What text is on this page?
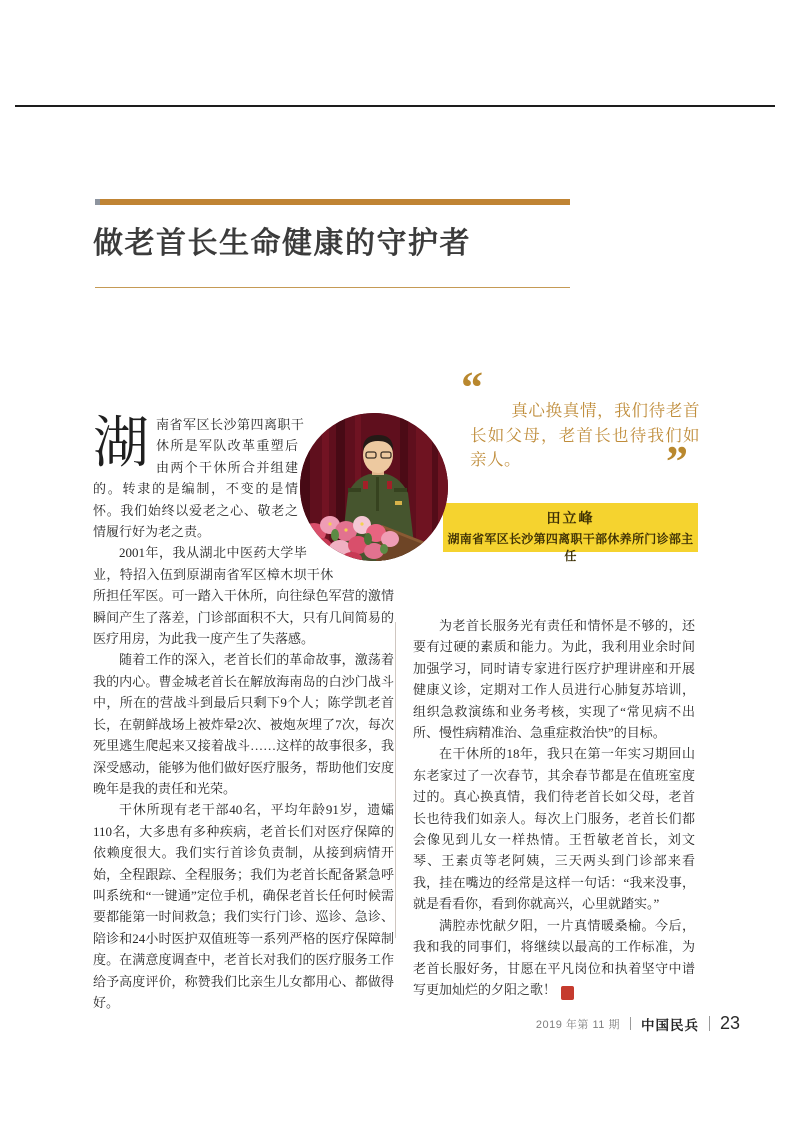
做老首长生命健康的守护者
“	真心换真情，我们待老首长如父母，老首长也待我们如亲人。	”
田立峰
湖南省军区长沙第四离职干部休养所门诊部主任

湖南省军区长沙第四离职干休所是军队改革重塑后由两个干休所合并组建的。转隶的是编制，不变的是情怀。我们始终以爱老之心、敬老之情履行好为老之责。

2001年，我从湖北中医药大学毕业，特招入伍到原湖南省军区樟木坝干休所担任军医。可一踏入干休所，向往绿色军营的激情瞬间产生了落差，门诊部面积不大，只有几间简易的医疗用房，为此我一度产生了失落感。

随着工作的深入，老首长们的革命故事，激荡着我的内心。曹金城老首长在解放海南岛的白沙门战斗中，所在的营战斗到最后只剩下9个人；陈学凯老首长，在朝鲜战场上被炸晕2次、被炮灰埋了7次，每次死里逃生爬起来又接着战斗……这样的故事很多，我深受感动，能够为他们做好医疗服务，帮助他们安度晚年是我的责任和光荣。

干休所现有老干部40名，平均年龄91岁，遗孀110名，大多患有多种疾病，老首长们对医疗保障的依赖度很大。我们实行首诊负责制，从接到病情开始，全程跟踪、全程服务；我们为老首长配备紧急呼叫系统和“一键通”定位手机，确保老首长任何时候需要都能第一时间救急；我们实行门诊、巡诊、急诊、陪诊和24小时医护双值班等一系列严格的医疗保障制度。在满意度调查中，老首长对我们的医疗服务工作给予高度评价，称赞我们比亲生儿女都用心、都做得好。

为老首长服务光有责任和情怀是不够的，还要有过硬的素质和能力。为此，我利用业余时间加强学习，同时请专家进行医疗护理讲座和开展健康义诊，定期对工作人员进行心肺复苏培训，组织急救演练和业务考核，实现了“常见病不出所、慢性病精准治、急重症救治快”的目标。

在干休所的18年，我只在第一年实习期回山东老家过了一次春节，其余春节都是在值班室度过的。真心换真情，我们待老首长如父母，老首长也待我们如亲人。每次上门服务，老首长们都会像见到儿女一样热情。王哲敏老首长，刘文琴、王素贞等老阿姨，三天两头到门诊部来看我，挂在嘴边的经常是这样一句话：“我来没事，就是看看你，看到你就高兴，心里就踏实。”

满腔赤忱献夕阳，一片真情暖桑榆。今后，我和我的同事们，将继续以最高的工作标准，为老首长服好务，甘愿在平凡岗位和执着坚守中谱写更加灿烂的夕阳之歌！	兵

2019 年第 11 期 中国民兵 23
